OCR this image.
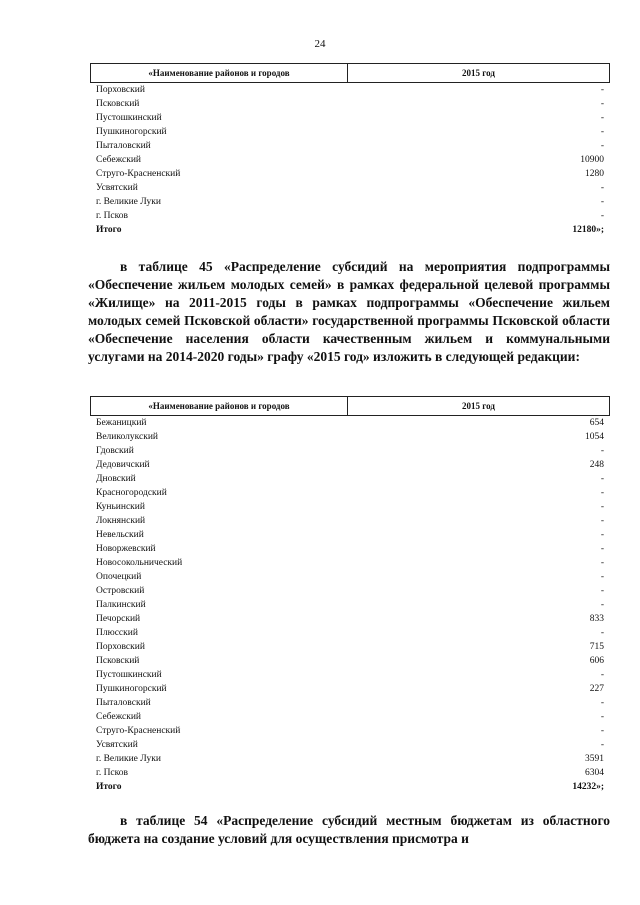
24
«Наименование районов и городов	2015 год
Порховский	-
Псковский	-
Пустошкинский	-
Пушкиногорский	-
Пыталовский	-
Себежский	10900
Струго-Красненский	1280
Усвятский	-
г. Великие Луки	-
г. Псков	-
Итого	12180»;
в таблице 45 «Распределение субсидий на мероприятия подпрограммы «Обеспечение жильем молодых семей» в рамках федеральной целевой программы «Жилище» на 2011-2015 годы в рамках подпрограммы «Обеспечение жильем молодых семей Псковской области» государственной программы Псковской области «Обеспечение населения области качественным жильем и коммунальными услугами на 2014-2020 годы» графу «2015 год» изложить в следующей редакции:
«Наименование районов и городов	2015 год
Бежаницкий	654
Великолукский	1054
Гдовский	-
Дедовичский	248
Дновский	-
Красногородский	-
Куньинский	-
Локнянский	-
Невельский	-
Новоржевский	-
Новосокольнический	-
Опочецкий	-
Островский	-
Палкинский	-
Печорский	833
Плюсский	-
Порховский	715
Псковский	606
Пустошкинский	-
Пушкиногорский	227
Пыталовский	-
Себежский	-
Струго-Красненский	-
Усвятский	-
г. Великие Луки	3591
г. Псков	6304
Итого	14232»;
в таблице 54 «Распределение субсидий местным бюджетам из областного бюджета на создание условий для осуществления присмотра и
